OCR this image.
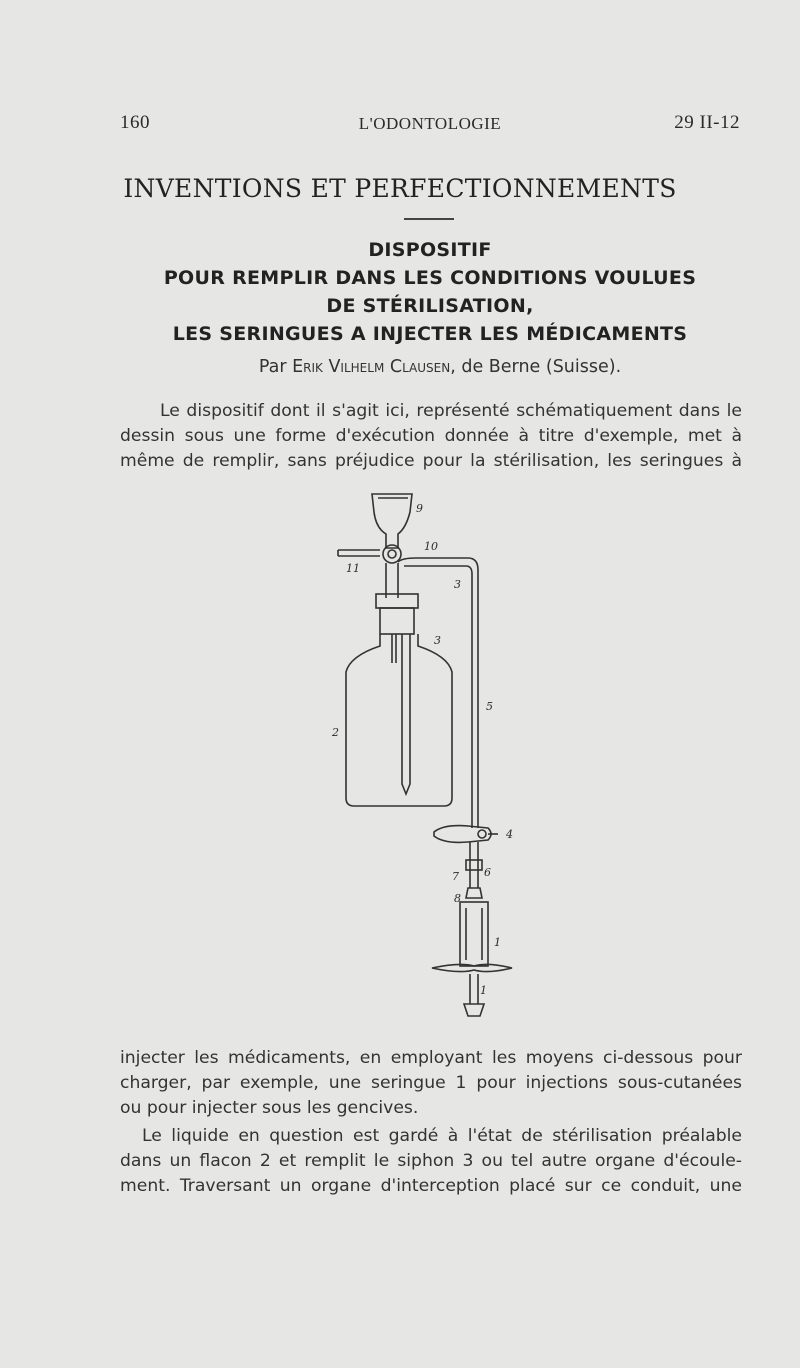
160	L'ODONTOLOGIE	29 II-12
INVENTIONS ET PERFECTIONNEMENTS
DISPOSITIF
POUR REMPLIR DANS LES CONDITIONS VOULUES
DE STÉRILISATION,
LES SERINGUES A INJECTER LES MÉDICAMENTS
Par Erik Vilhelm Clausen, de Berne (Suisse).
Le dispositif dont il s'agit ici, représenté schématiquement dans le
dessin sous une forme d'exécution donnée à titre d'exemple, met à
même de remplir, sans préjudice pour la stérilisation, les seringues à
9
10
11
3
3
5
2
4
7 6
8
1
1
injecter les médicaments, en employant les moyens ci-dessous pour
charger, par exemple, une seringue 1 pour injections sous-cutanées
ou pour injecter sous les gencives.
Le liquide en question est gardé à l'état de stérilisation préalable
dans un flacon 2 et remplit le siphon 3 ou tel autre organe d'écoule-
ment. Traversant un organe d'interception placé sur ce conduit, une
